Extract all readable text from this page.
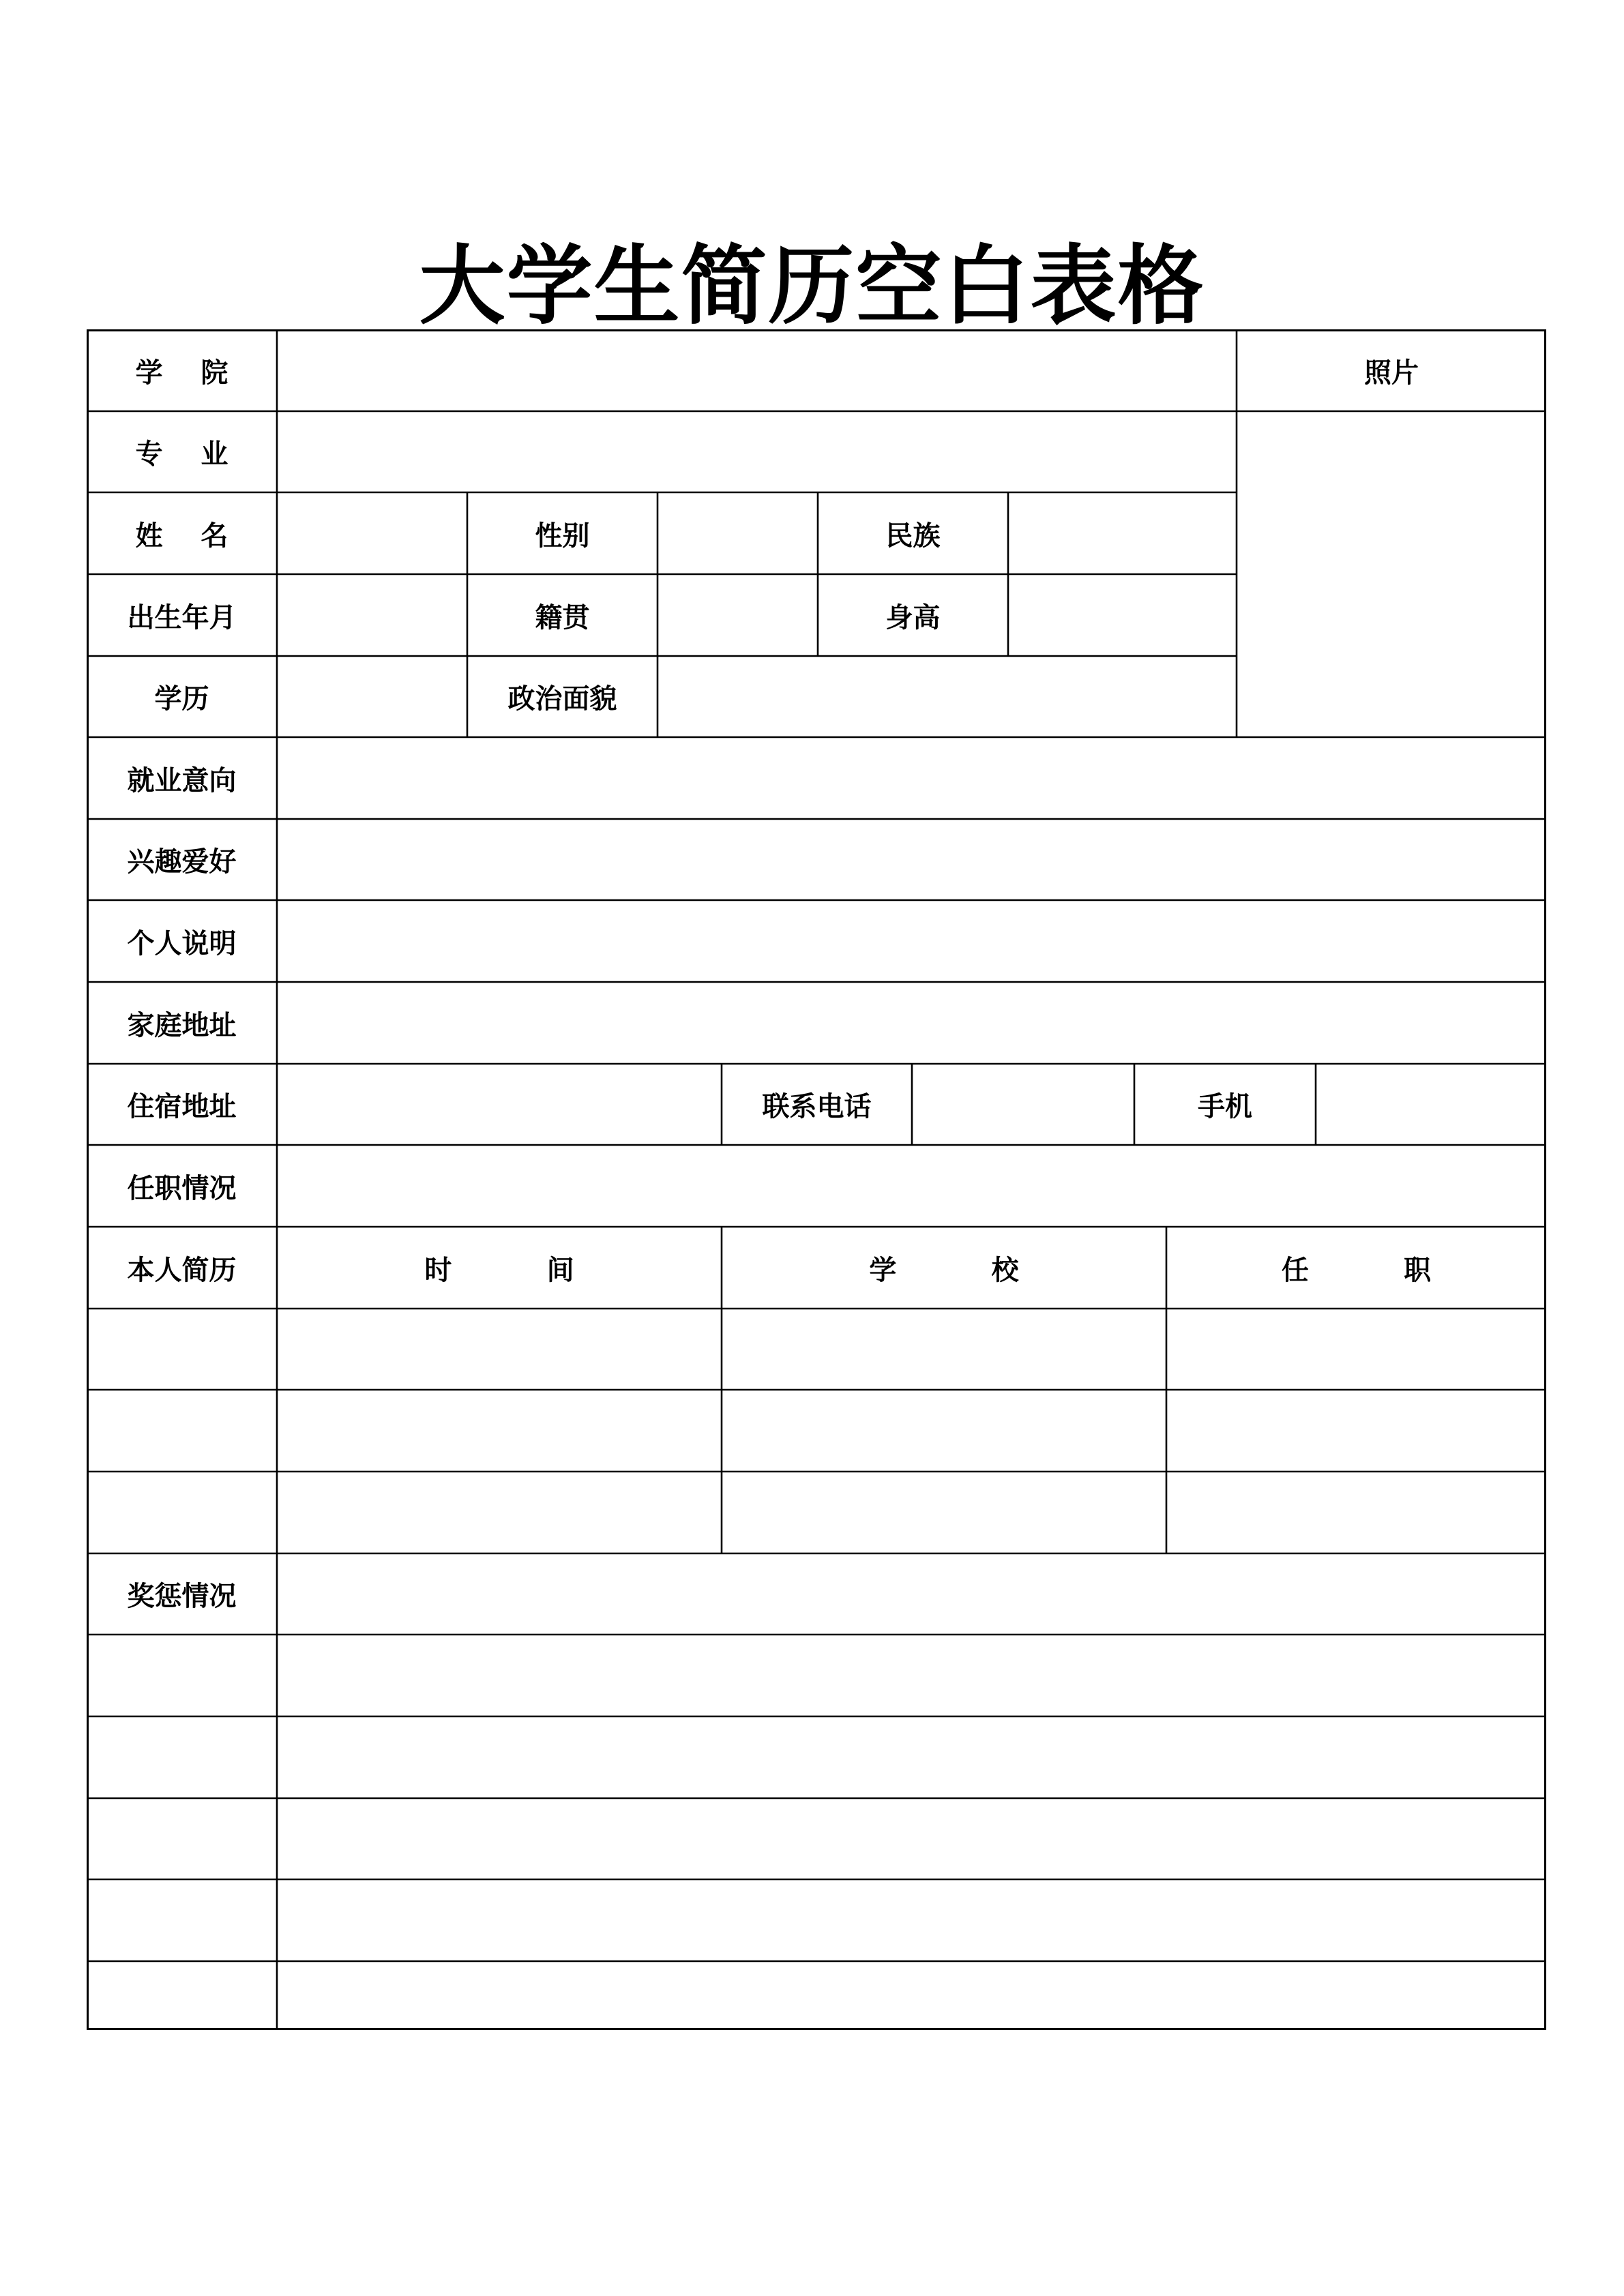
大学生简历空白表格
学    院	照片
专    业
姓    名	性别	民族
出生年月	籍贯	身高
学历	政治面貌
就业意向
兴趣爱好
个人说明
家庭地址
住宿地址	联系电话	手机
任职情况
本人简历	时          间	学          校	任          职
奖惩情况
